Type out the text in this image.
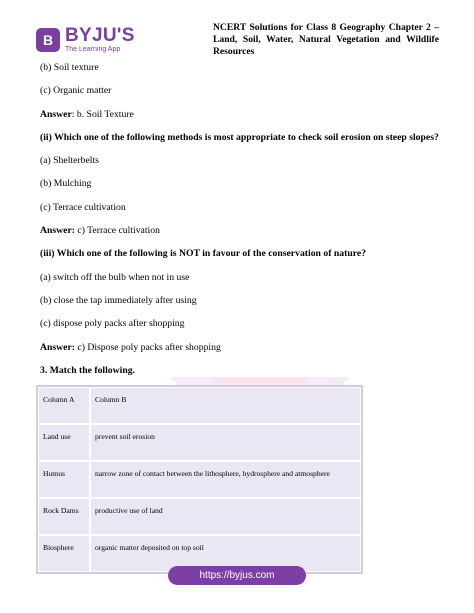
B BYJU'S
The Learning App
NCERT Solutions for Class 8 Geography Chapter 2 – Land, Soil, Water, Natural Vegetation and Wildlife Resources

(b) Soil texture

(c) Organic matter

Answer: b. Soil Texture

(ii) Which one of the following methods is most appropriate to check soil erosion on steep slopes?

(a) Shelterbelts

(b) Mulching

(c) Terrace cultivation

Answer: c) Terrace cultivation

(iii) Which one of the following is NOT in favour of the conservation of nature?

(a) switch off the bulb when not in use

(b) close the tap immediately after using

(c) dispose poly packs after shopping

Answer: c) Dispose poly packs after shopping

3. Match the following.

Column A	Column B
Land use	prevent soil erosion
Humus	narrow zone of contact between the lithosphere, hydrosphere and atmosphere
Rock Dams	productive use of land
Biosphere	organic matter deposited on top soil
https://byjus.com
